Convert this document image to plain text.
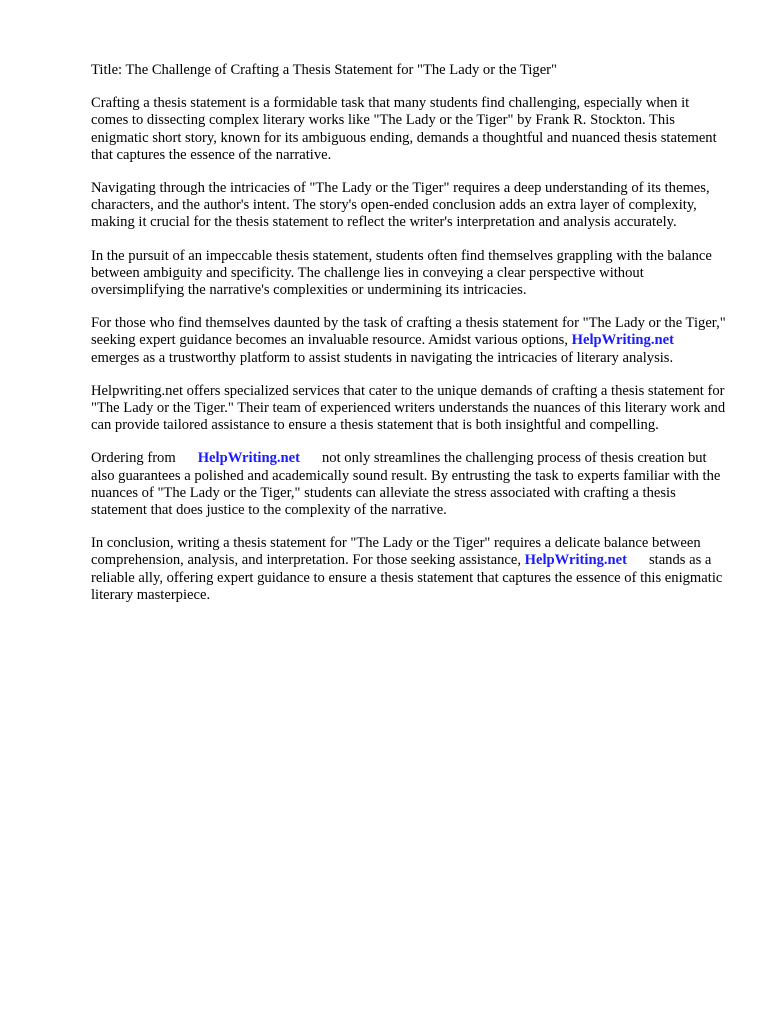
Title: The Challenge of Crafting a Thesis Statement for "The Lady or the Tiger"

Crafting a thesis statement is a formidable task that many students find challenging, especially when it comes to dissecting complex literary works like "The Lady or the Tiger" by Frank R. Stockton. This enigmatic short story, known for its ambiguous ending, demands a thoughtful and nuanced thesis statement that captures the essence of the narrative.

Navigating through the intricacies of "The Lady or the Tiger" requires a deep understanding of its themes, characters, and the author's intent. The story's open-ended conclusion adds an extra layer of complexity, making it crucial for the thesis statement to reflect the writer's interpretation and analysis accurately.

In the pursuit of an impeccable thesis statement, students often find themselves grappling with the balance between ambiguity and specificity. The challenge lies in conveying a clear perspective without oversimplifying the narrative's complexities or undermining its intricacies.

For those who find themselves daunted by the task of crafting a thesis statement for "The Lady or the Tiger," seeking expert guidance becomes an invaluable resource. Amidst various options, HelpWriting.netemerges as a trustworthy platform to assist students in navigating the intricacies of literary analysis.

Helpwriting.net offers specialized services that cater to the unique demands of crafting a thesis statement for "The Lady or the Tiger." Their team of experienced writers understands the nuances of this literary work and can provide tailored assistance to ensure a thesis statement that is both insightful and compelling.

Ordering from HelpWriting.net not only streamlines the challenging process of thesis creation but also guarantees a polished and academically sound result. By entrusting the task to experts familiar with the nuances of "The Lady or the Tiger," students can alleviate the stress associated with crafting a thesis statement that does justice to the complexity of the narrative.

In conclusion, writing a thesis statement for "The Lady or the Tiger" requires a delicate balance between comprehension, analysis, and interpretation. For those seeking assistance, HelpWriting.net stands as a reliable ally, offering expert guidance to ensure a thesis statement that captures the essence of this enigmatic literary masterpiece.
